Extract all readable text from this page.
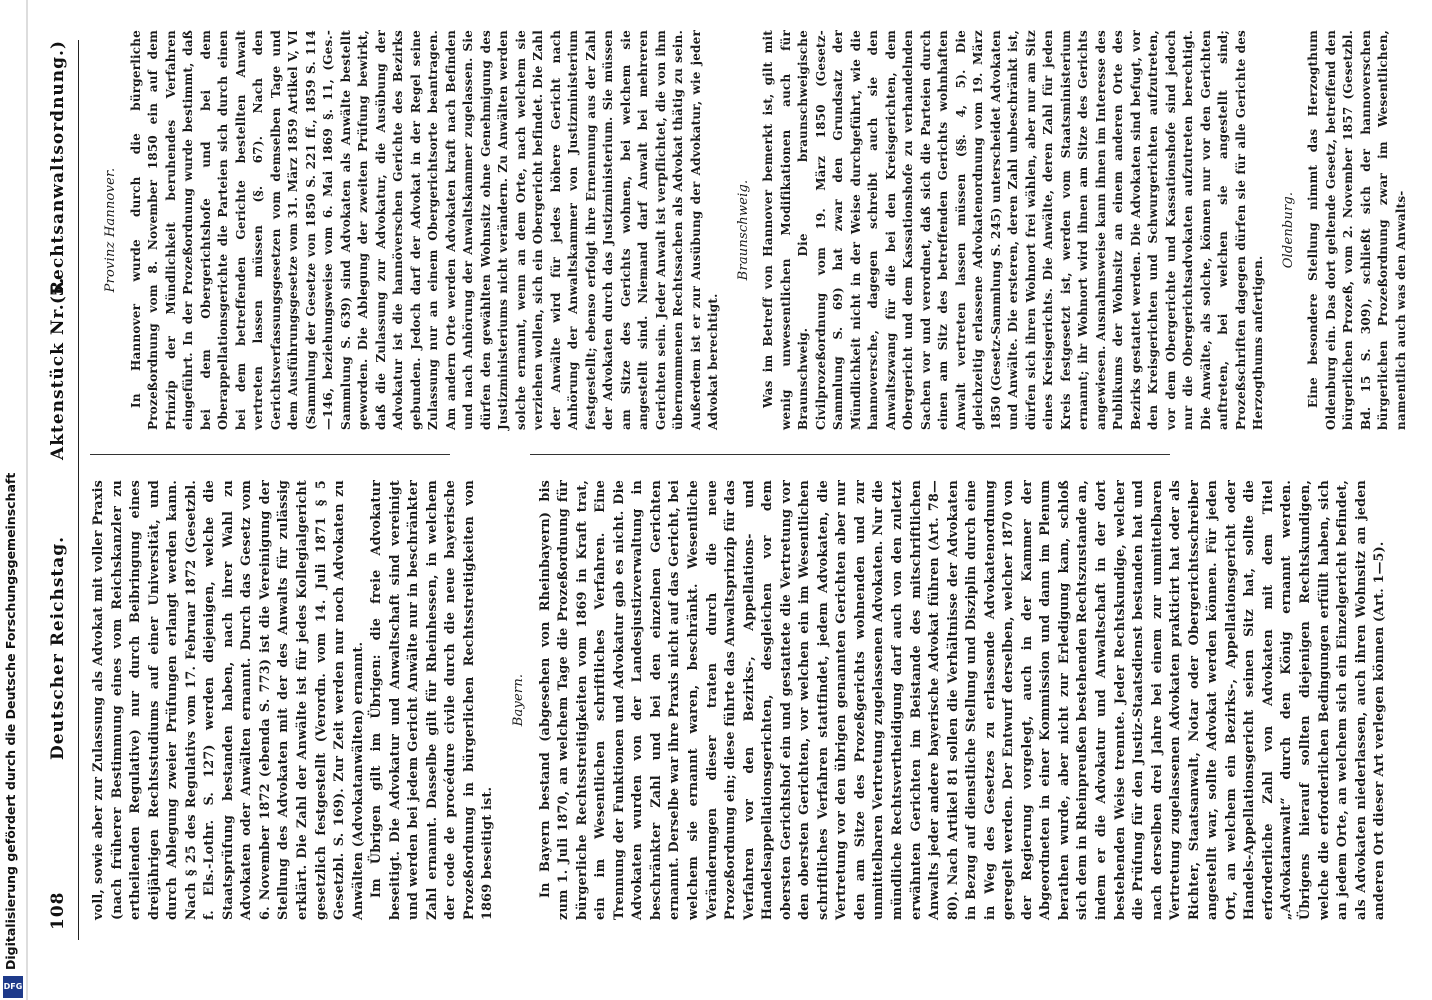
Digitalisierung gefördert durch die Deutsche Forschungsgemeinschaft
DFG
108
Deutscher Reichstag.
Aktenstück Nr. 5.
(Rechtsanwaltsordnung.)

voll, sowie aber zur Zulassung als Advokat mit voller Praxis (nach früherer Bestimmung eines vom Reichskanzler zu ertheilenden Regulative) nur durch Beibringung eines dreijährigen Rechtsstudiums auf einer Universität, und durch Ablegung zweier Prüfungen erlangt werden kann. Nach § 25 des Regulativs vom 17. Februar 1872 (Gesetzbl. f. Els.-Lothr. S. 127) werden diejenigen, welche die Staatsprüfung bestanden haben, nach ihrer Wahl zu Advokaten oder Anwälten ernannt. Durch das Gesetz vom 6. November 1872 (ebenda S. 773) ist die Vereinigung der Stellung des Advokaten mit der des Anwalts für zulässig erklärt. Die Zahl der Anwälte ist für jedes Kollegialgericht gesetzlich festgestellt (Verordn. vom 14. Juli 1871 § 5 Gesetzbl. S. 169). Zur Zeit werden nur noch Advokaten zu Anwälten (Advokatanwälten) ernannt. Im Übrigen gilt im Übrigen: die freie Advokatur beseitigt. Die Advokatur und Anwaltschaft sind vereinigt und werden bei jedem Gericht Anwälte nur in beschränkter Zahl ernannt. Dasselbe gilt für Rheinhessen, in welchem der code de procédure civile durch die neue bayerische Prozeßordnung in bürgerlichen Rechtsstreitigkeiten von 1869 beseitigt ist.

Bayern. In Bayern bestand (abgesehen von Rheinbayern) bis zum 1. Juli 1870, an welchem Tage die Prozeßordnung für bürgerliche Rechtsstreitigkeiten vom 1869 in Kraft trat, ein im Wesentlichen schriftliches Verfahren. Eine Trennung der Funktionen und Advokatur gab es nicht. Die Advokaten wurden von der Landesjustizverwaltung in beschränkter Zahl und bei den einzelnen Gerichten ernannt. Derselbe war ihre Praxis nicht auf das Gericht, bei welchem sie ernannt waren, beschränkt. Wesentliche Veränderungen dieser traten durch die neue Prozeßordnung ein; diese führte das Anwaltsprinzip für das Verfahren vor den Bezirks-, Appellations- und Handelsappellationsgerichten, desgleichen vor dem obersten Gerichtshof ein und gestattete die Vertretung vor den obersten Gerichten, vor welchen ein im Wesentlichen schriftliches Verfahren stattfindet, jedem Advokaten, die Vertretung vor den übrigen genannten Gerichten aber nur den am Sitze des Prozeßgerichts wohnenden und zur unmittelbaren Vertretung zugelassenen Advokaten. Nur die mündliche Rechtsvertheidigung darf auch von den zuletzt erwähnten Gerichten im Beistande des mitschriftlichen Anwalts jeder andere bayerische Advokat führen (Art. 78—80). Nach Artikel 81 sollen die Verhältnisse der Advokaten in Bezug auf dienstliche Stellung und Disziplin durch eine in Weg des Gesetzes zu erlassende Advokatenordnung geregelt werden. Der Entwurf derselben, welcher 1870 von der Regierung vorgelegt, auch in der Kammer der Abgeordneten in einer Kommission und dann im Plenum berathen wurde, aber nicht zur Erledigung kam, schloß sich dem in Rheinpreußen bestehenden Rechtszustande an, indem er die Advokatur und Anwaltschaft in der dort bestehenden Weise trennte. Jeder Rechtskundige, welcher die Prüfung für den Justiz-Staatsdienst bestanden hat und nach derselben drei Jahre bei einem zur unmittelbaren Vertretung zugelassenen Advokaten prakticirt hat oder als Richter, Staatsanwalt, Notar oder Obergerichtsschreiber angestellt war, sollte Advokat werden können. Für jeden Ort, an welchem ein Bezirks-, Appellationsgericht oder Handels-Appellationsgericht seinen Sitz hat, sollte die erforderliche Zahl von Advokaten mit dem Titel „Advokatanwalt“ durch den König ernannt werden. Übrigens hierauf sollten diejenigen Rechtskundigen, welche die erforderlichen Bedingungen erfüllt haben, sich an jedem Orte, an welchem sich ein Einzelgericht befindet, als Advokaten niederlassen, auch ihren Wohnsitz an jeden anderen Ort dieser Art verlegen können (Art. 1—5).

Provinz Hannover. In Hannover wurde durch die bürgerliche Prozeßordnung vom 8. November 1850 ein auf dem Prinzip der Mündlichkeit beruhendes Verfahren eingeführt. In der Prozeßordnung wurde bestimmt, daß bei dem Obergerichtshofe und bei dem Oberappellationsgerichte die Parteien sich durch einen bei dem betreffenden Gerichte bestellten Anwalt vertreten lassen müssen (§. 67). Nach den Gerichtsverfassungsgesetzen vom demselben Tage und dem Ausführungsgesetze vom 31. März 1859 Artikel V, VI (Sammlung der Gesetze von 1850 S. 221 ff., 1859 S. 114—146, beziehungsweise vom 6. Mai 1869 §. 11, (Ges.-Sammlung S. 639) sind Advokaten als Anwälte bestellt geworden. Die Ablegung der zweiten Prüfung bewirkt, daß die Zulassung zur Advokatur, die Ausübung der Advokatur ist die hannöverschen Gerichte des Bezirks gebunden. Jedoch darf der Advokat in der Regel seine Zulassung nur an einem Obergerichtsorte beantragen. Am andern Orte werden Advokaten kraft nach Befinden und nach Anhörung der Anwaltskammer zugelassen. Sie dürfen den gewählten Wohnsitz ohne Genehmigung des Justizministeriums nicht verändern. Zu Anwälten werden solche ernannt, wenn an dem Orte, nach welchem sie verziehen wollen, sich ein Obergericht befindet. Die Zahl der Anwälte wird für jedes höhere Gericht nach Anhörung der Anwaltskammer von Justizministerium festgestellt; ebenso erfolgt ihre Ernennung aus der Zahl der Advokaten durch das Justizministerium. Sie müssen am Sitze des Gerichts wohnen, bei welchem sie angestellt sind. Niemand darf Anwalt bei mehreren Gerichten sein. Jeder Anwalt ist verpflichtet, die von ihm übernommenen Rechtssachen als Advokat thätig zu sein. Außerdem ist er zur Ausübung der Advokatur, wie jeder Advokat berechtigt.

Braunschweig. Was im Betreff von Hannover bemerkt ist, gilt mit wenig unwesentlichen Modifikationen auch für Braunschweig. Die braunschweigische Civilprozeßordnung vom 19. März 1850 (Gesetz-Sammlung S. 69) hat zwar den Grundsatz der Mündlichkeit nicht in der Weise durchgeführt, wie die hannoversche, dagegen schreibt auch sie den Anwaltszwang für die bei den Kreisgerichten, dem Obergericht und dem Kassationshofe zu verhandelnden Sachen vor und verordnet, daß sich die Parteien durch einen am Sitz des betreffenden Gerichts wohnhaften Anwalt vertreten lassen müssen (§§. 4, 5). Die gleichzeitig erlassene Advokatenordnung vom 19. März 1850 (Gesetz-Sammlung S. 245) unterscheidet Advokaten und Anwälte. Die ersteren, deren Zahl unbeschränkt ist, dürfen sich ihren Wohnort frei wählen, aber nur am Sitz eines Kreisgerichts. Die Anwälte, deren Zahl für jeden Kreis festgesetzt ist, werden vom Staatsministerium ernannt; ihr Wohnort wird ihnen am Sitze des Gerichts angewiesen. Ausnahmsweise kann ihnen im Interesse des Publikums der Wohnsitz an einem anderen Orte des Bezirks gestattet werden. Die Advokaten sind befugt, vor den Kreisgerichten und Schwurgerichten aufzutreten, vor dem Obergerichte und Kassationshofe sind jedoch nur die Obergerichtsadvokaten aufzutreten berechtigt. Die Anwälte, als solche, können nur vor den Gerichten auftreten, bei welchen sie angestellt sind; Prozeßschriften dagegen dürfen sie für alle Gerichte des Herzogthums anfertigen.

Oldenburg. Eine besondere Stellung nimmt das Herzogthum Oldenburg ein. Das dort geltende Gesetz, betreffend den bürgerlichen Prozeß, vom 2. November 1857 (Gesetzbl. Bd. 15 S. 309), schließt sich der hannoverschen bürgerlichen Prozeßordnung zwar im Wesentlichen, namentlich auch was den Anwalts-
